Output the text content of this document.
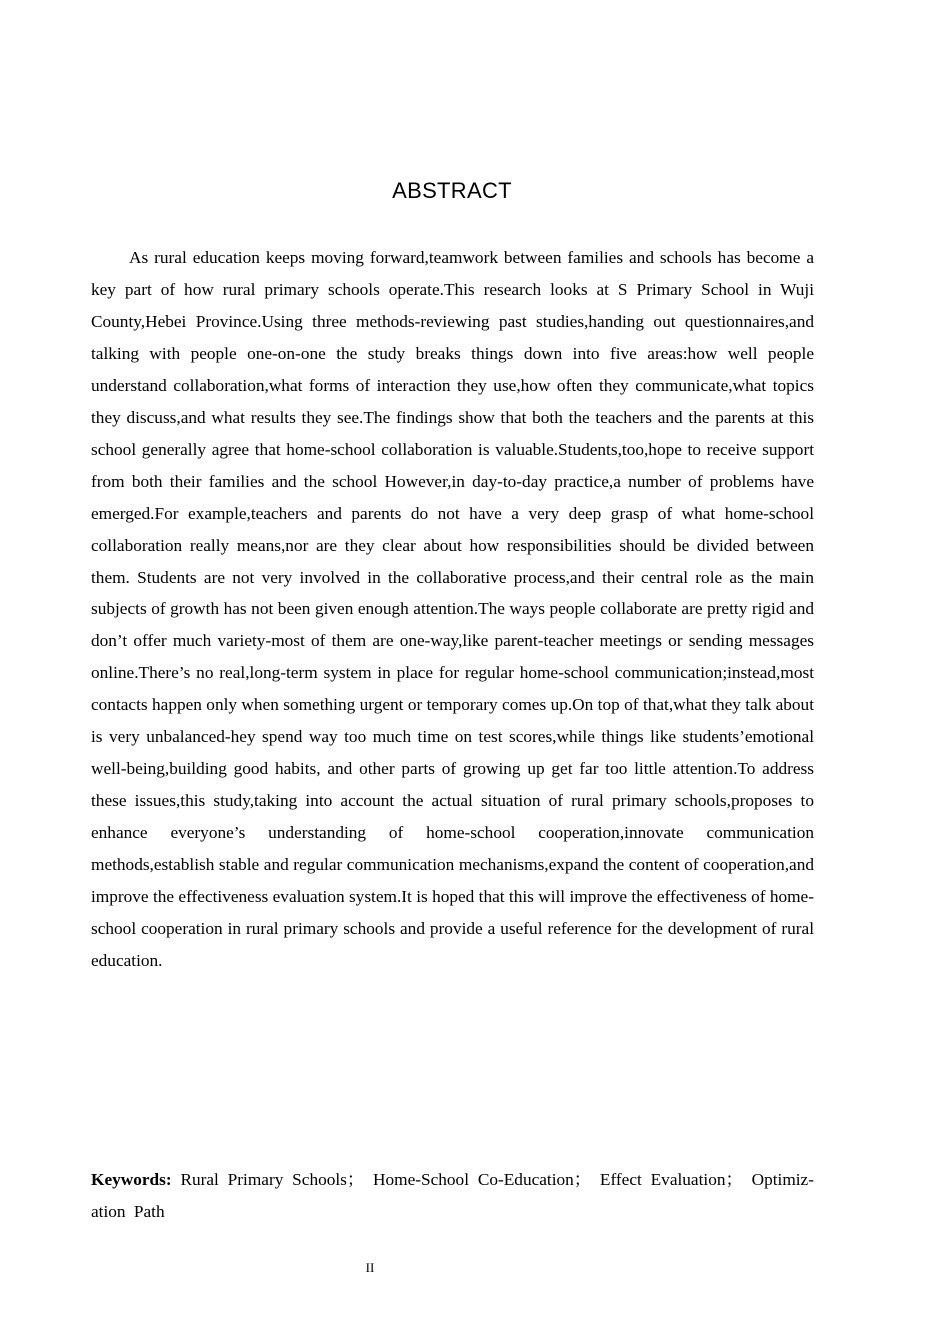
ABSTRACT

As rural education keeps moving forward,teamwork between families and schools has become a key part of how rural primary schools operate.This research looks at S Primary School in Wuji County,Hebei Province.Using three methods-reviewing past studies,handing out questionnaires,and talking with people one-on-one the study breaks things down into five areas:how well people understand collaboration,what forms of interaction they use,how often they communicate,what topics they discuss,and what results they see.The findings show that both the teachers and the parents at this school generally agree that home-school collaboration is valuable.Students,too,hope to receive support from both their families and the school However,in day-to-day practice,a number of problems have emerged.For example,teachers and parents do not have a very deep grasp of what home-school collaboration really means,nor are they clear about how responsibilities should be divided between them. Students are not very involved in the collaborative process,and their central role as the main subjects of growth has not been given enough attention.The ways people collaborate are pretty rigid and don’t offer much variety-most of them are one-way,like parent-teacher meetings or sending messages online.There’s no real,long-term system in place for regular home-school communication;instead,most contacts happen only when something urgent or temporary comes up.On top of that,what they talk about is very unbalanced-hey spend way too much time on test scores,while things like students’emotional well-being,building good habits, and other parts of growing up get far too little attention.To address these issues,this study,taking into account the actual situation of rural primary schools,proposes to enhance everyone’s understanding of home-school cooperation,innovate communication methods,establish stable and regular communication mechanisms,expand the content of cooperation,and improve the effectiveness evaluation system.It is hoped that this will improve the effectiveness of home-school cooperation in rural primary schools and provide a useful reference for the development of rural education.

Keywords: Rural Primary Schools； Home-School Co-Education； Effect Evaluation； Optimiz-ation Path
II
